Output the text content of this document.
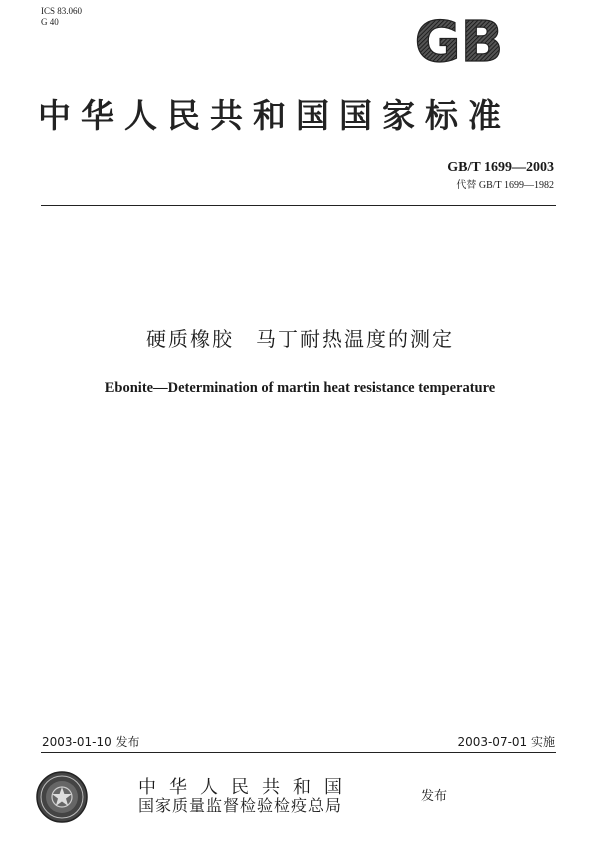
ICS 83.060
G 40	GB
中华人民共和国国家标准
GB/T 1699—2003
代替 GB/T 1699—1982
硬质橡胶　马丁耐热温度的测定
Ebonite—Determination of martin heat resistance temperature
2003-01-10 发布	2003-07-01 实施
中华人民共和国
国家质量监督检验检疫总局	发布
